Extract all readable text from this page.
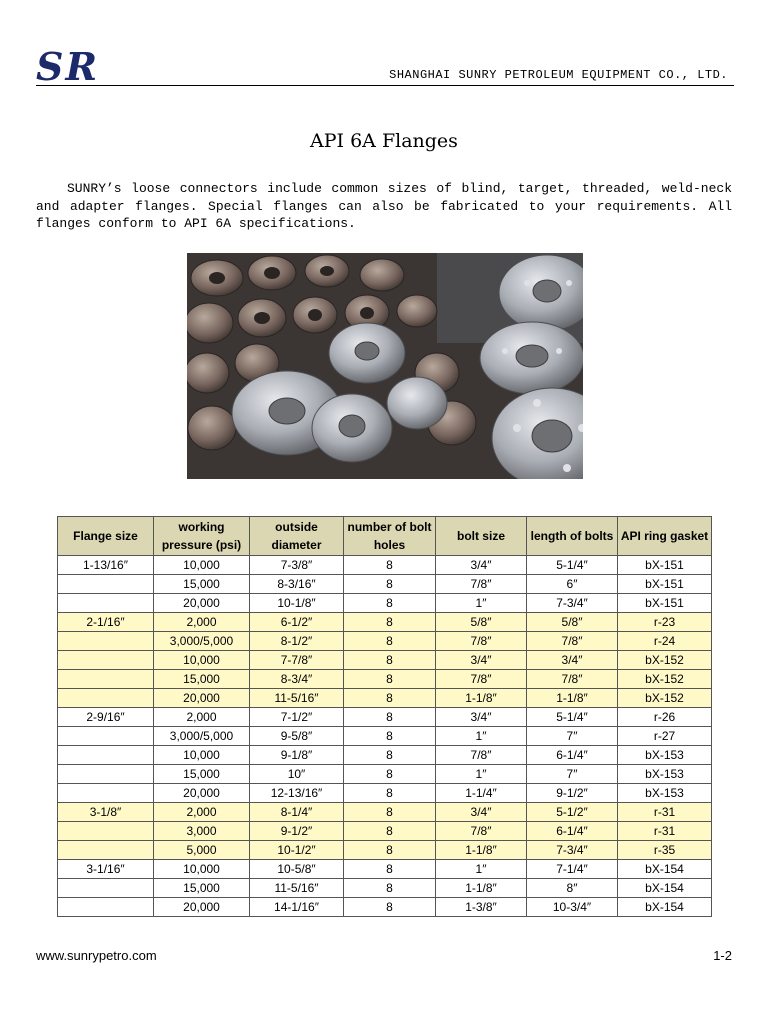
SR	SHANGHAI SUNRY PETROLEUM EQUIPMENT CO., LTD.
API 6A Flanges
SUNRY’s loose connectors include common sizes of blind, target, threaded, weld-neck and adapter flanges. Special flanges can also be fabricated to your requirements. All flanges conform to API 6A specifications.
Flange size	working pressure (psi)	outside diameter	number of bolt holes	bolt size	length of bolts	API ring gasket
1-13/16″	10,000	7-3/8″	8	3/4″	5-1/4″	bX-151
	15,000	8-3/16″	8	7/8″	6″	bX-151
	20,000	10-1/8″	8	1″	7-3/4″	bX-151
2-1/16″	2,000	6-1/2″	8	5/8″	5/8″	r-23
	3,000/5,000	8-1/2″	8	7/8″	7/8″	r-24
	10,000	7-7/8″	8	3/4″	3/4″	bX-152
	15,000	8-3/4″	8	7/8″	7/8″	bX-152
	20,000	11-5/16″	8	1-1/8″	1-1/8″	bX-152
2-9/16″	2,000	7-1/2″	8	3/4″	5-1/4″	r-26
	3,000/5,000	9-5/8″	8	1″	7″	r-27
	10,000	9-1/8″	8	7/8″	6-1/4″	bX-153
	15,000	10″	8	1″	7″	bX-153
	20,000	12-13/16″	8	1-1/4″	9-1/2″	bX-153
3-1/8″	2,000	8-1/4″	8	3/4″	5-1/2″	r-31
	3,000	9-1/2″	8	7/8″	6-1/4″	r-31
	5,000	10-1/2″	8	1-1/8″	7-3/4″	r-35
3-1/16″	10,000	10-5/8″	8	1″	7-1/4″	bX-154
	15,000	11-5/16″	8	1-1/8″	8″	bX-154
	20,000	14-1/16″	8	1-3/8″	10-3/4″	bX-154
www.sunrypetro.com	1-2
